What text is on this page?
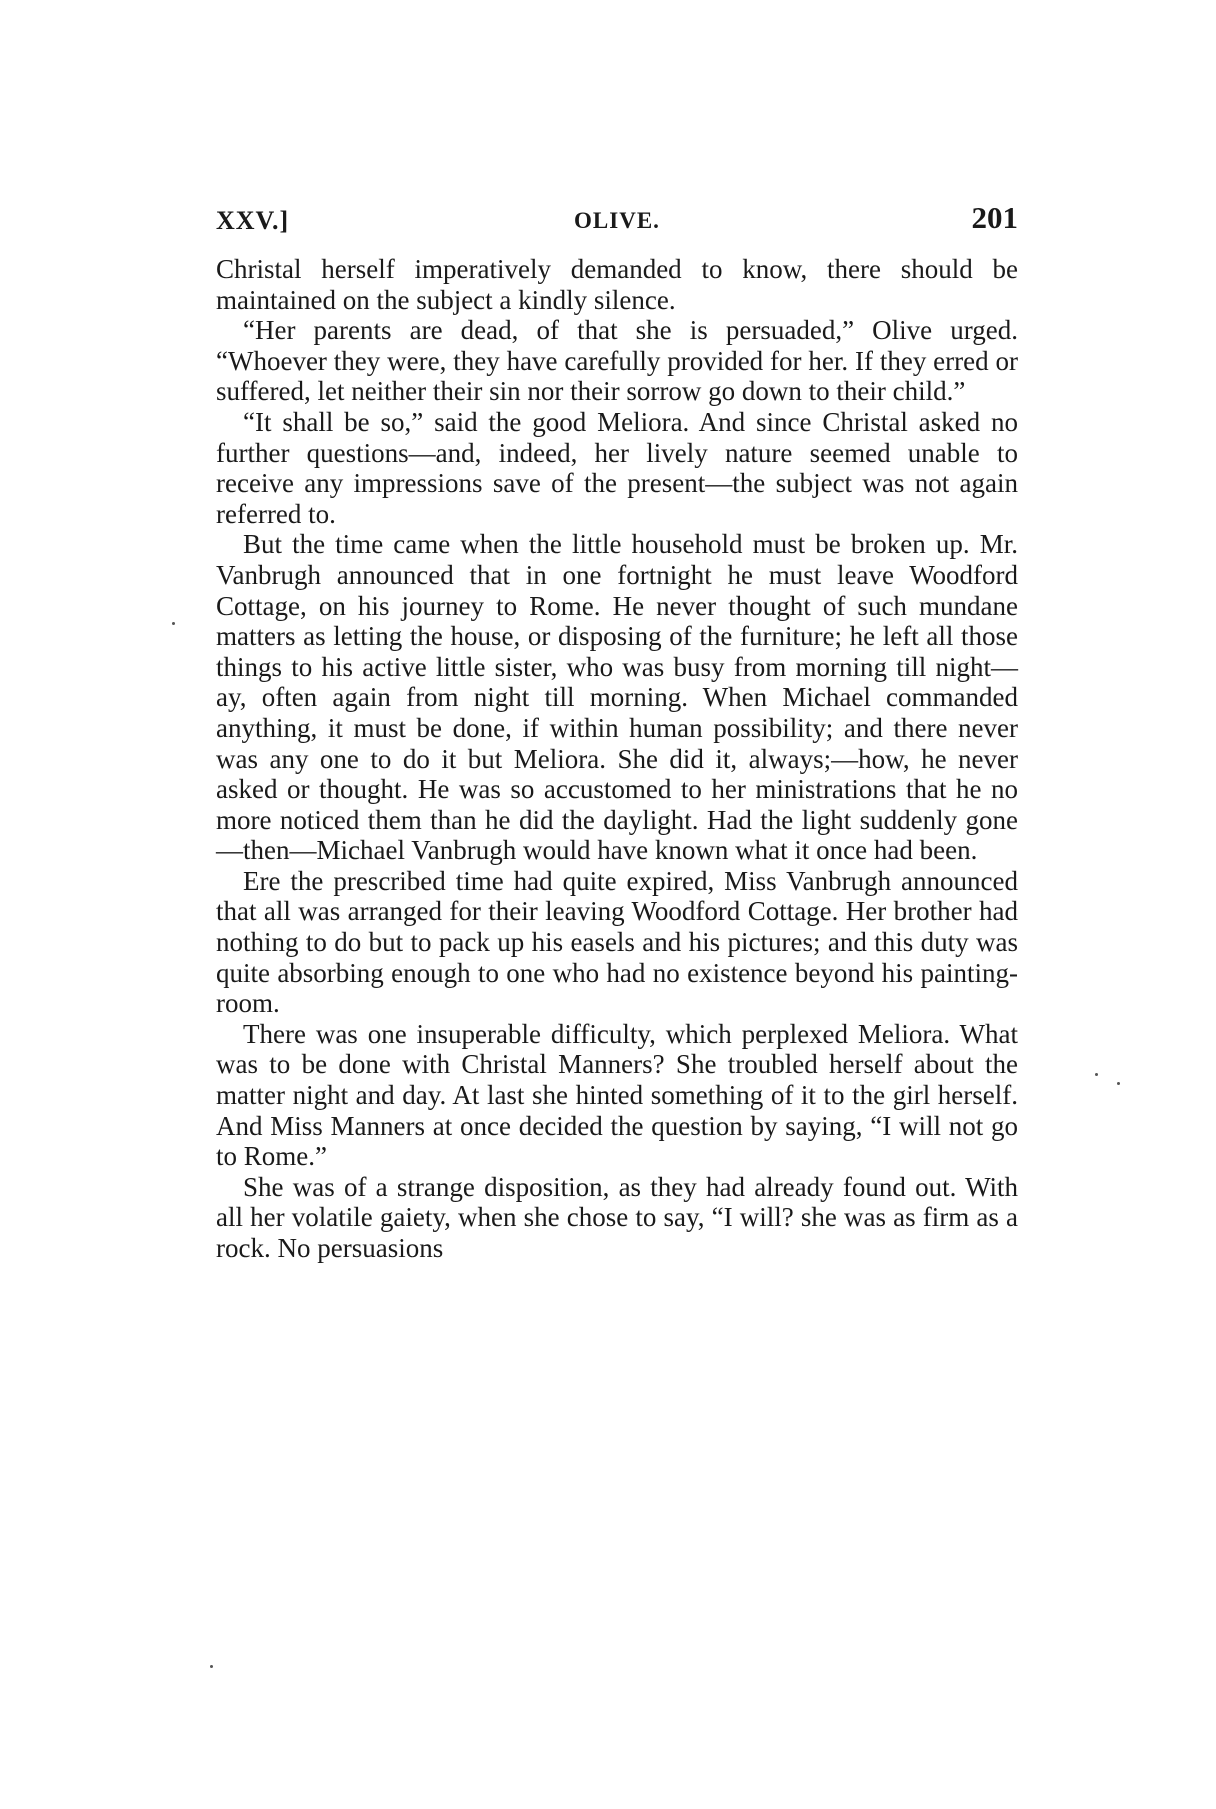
XXV.]	OLIVE.	201

Christal herself imperatively demanded to know, there should be maintained on the subject a kindly silence.

“Her parents are dead, of that she is persuaded,” Olive urged. “Whoever they were, they have carefully provided for her. If they erred or suffered, let neither their sin nor their sorrow go down to their child.”

“It shall be so,” said the good Meliora. And since Christal asked no further questions—and, indeed, her lively nature seemed unable to receive any impressions save of the present—the subject was not again referred to.

But the time came when the little household must be broken up. Mr. Vanbrugh announced that in one fortnight he must leave Woodford Cottage, on his journey to Rome. He never thought of such mundane matters as letting the house, or disposing of the furniture; he left all those things to his active little sister, who was busy from morning till night—ay, often again from night till morning. When Michael commanded anything, it must be done, if within human possibility; and there never was any one to do it but Meliora. She did it, always;—how, he never asked or thought. He was so accustomed to her ministrations that he no more noticed them than he did the daylight. Had the light suddenly gone—then—Michael Vanbrugh would have known what it once had been.

Ere the prescribed time had quite expired, Miss Vanbrugh announced that all was arranged for their leaving Woodford Cottage. Her brother had nothing to do but to pack up his easels and his pictures; and this duty was quite absorbing enough to one who had no existence beyond his painting-room.

There was one insuperable difficulty, which perplexed Meliora. What was to be done with Christal Manners? She troubled herself about the matter night and day. At last she hinted something of it to the girl herself. And Miss Manners at once decided the question by saying, “I will not go to Rome.”

She was of a strange disposition, as they had already found out. With all her volatile gaiety, when she chose to say, “I will? she was as firm as a rock. No persuasions
